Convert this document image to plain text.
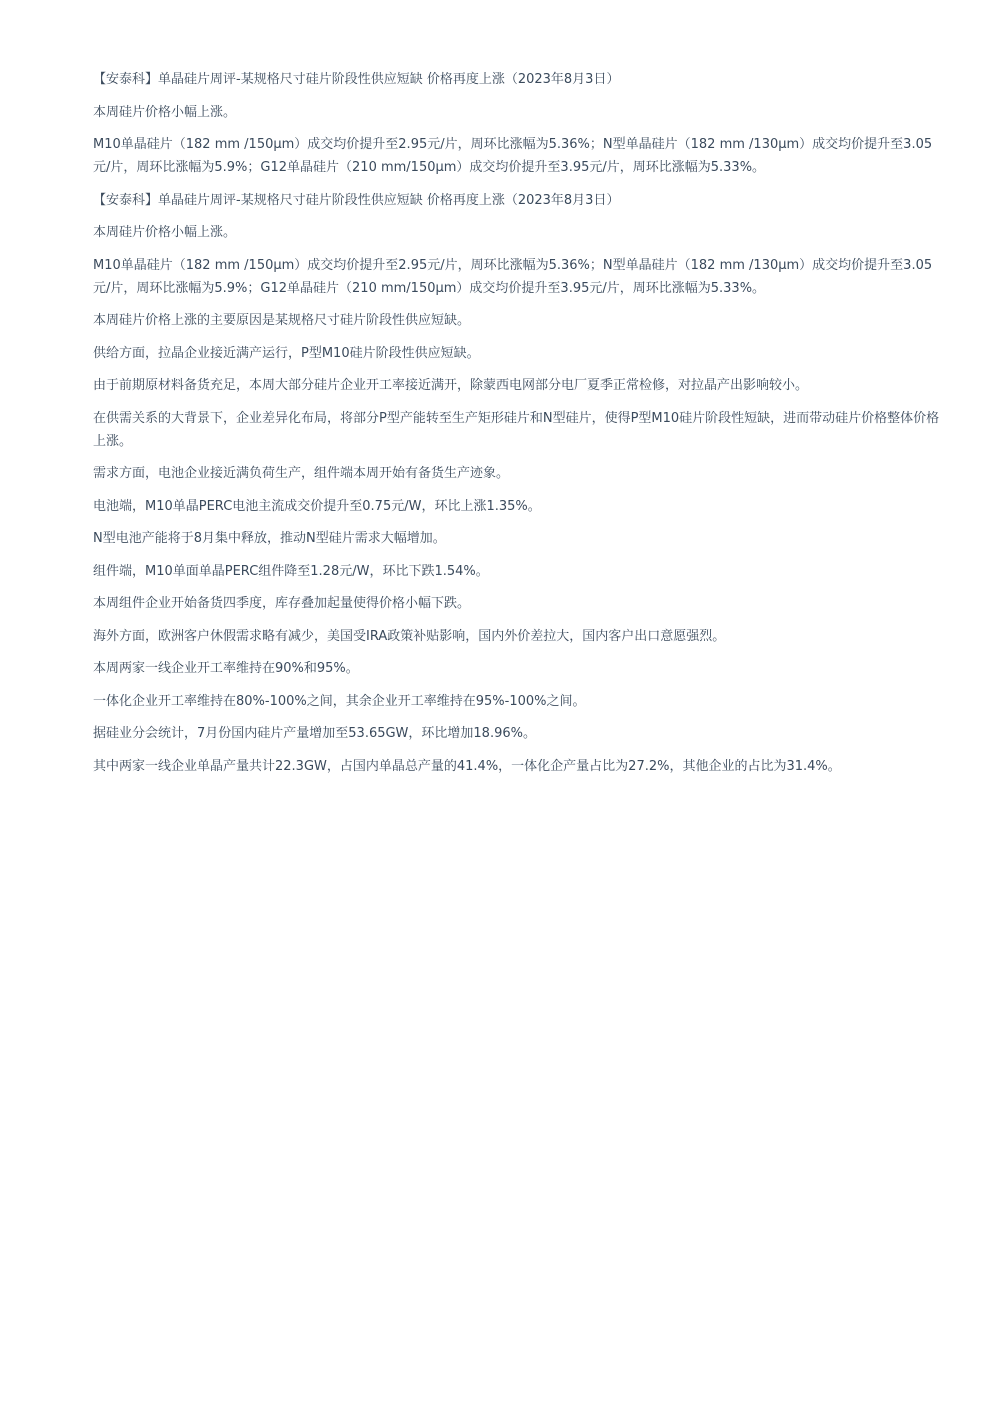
【安泰科】单晶硅片周评-某规格尺寸硅片阶段性供应短缺 价格再度上涨（2023年8月3日）

本周硅片价格小幅上涨。

M10单晶硅片（182 mm /150μm）成交均价提升至2.95元/片，周环比涨幅为5.36%；N型单晶硅片（182 mm /130μm）成交均价提升至3.05元/片，周环比涨幅为5.9%；G12单晶硅片（210 mm/150μm）成交均价提升至3.95元/片，周环比涨幅为5.33%。

【安泰科】单晶硅片周评-某规格尺寸硅片阶段性供应短缺 价格再度上涨（2023年8月3日）

本周硅片价格小幅上涨。

M10单晶硅片（182 mm /150μm）成交均价提升至2.95元/片，周环比涨幅为5.36%；N型单晶硅片（182 mm /130μm）成交均价提升至3.05元/片，周环比涨幅为5.9%；G12单晶硅片（210 mm/150μm）成交均价提升至3.95元/片，周环比涨幅为5.33%。

本周硅片价格上涨的主要原因是某规格尺寸硅片阶段性供应短缺。

供给方面，拉晶企业接近满产运行，P型M10硅片阶段性供应短缺。

由于前期原材料备货充足，本周大部分硅片企业开工率接近满开，除蒙西电网部分电厂夏季正常检修，对拉晶产出影响较小。

在供需关系的大背景下，企业差异化布局，将部分P型产能转至生产矩形硅片和N型硅片，使得P型M10硅片阶段性短缺，进而带动硅片价格整体价格上涨。

需求方面，电池企业接近满负荷生产，组件端本周开始有备货生产迹象。

电池端，M10单晶PERC电池主流成交价提升至0.75元/W，环比上涨1.35%。

N型电池产能将于8月集中释放，推动N型硅片需求大幅增加。

组件端，M10单面单晶PERC组件降至1.28元/W，环比下跌1.54%。

本周组件企业开始备货四季度，库存叠加起量使得价格小幅下跌。

海外方面，欧洲客户休假需求略有减少，美国受IRA政策补贴影响，国内外价差拉大，国内客户出口意愿强烈。

本周两家一线企业开工率维持在90%和95%。

一体化企业开工率维持在80%-100%之间，其余企业开工率维持在95%-100%之间。

据硅业分会统计，7月份国内硅片产量增加至53.65GW，环比增加18.96%。

其中两家一线企业单晶产量共计22.3GW，占国内单晶总产量的41.4%，一体化企产量占比为27.2%，其他企业的占比为31.4%。
